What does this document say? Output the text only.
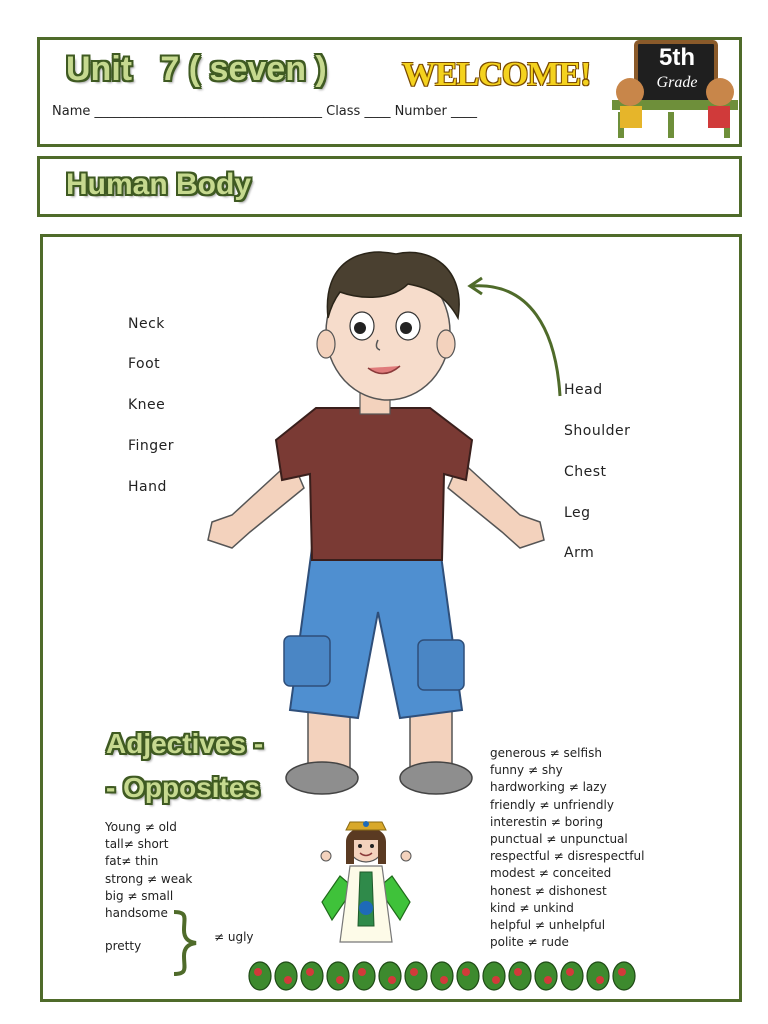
Unit   7 ( seven ) WELCOME!
Name ___________________________________ Class ____ Number ____
5th
Grade
Human Body
Neck
Foot
Knee
Finger
Hand
Head
Shoulder
Chest
Leg
Arm
Adjectives -
- Opposites
Young ≠ old
tall≠ short
fat≠ thin
strong ≠ weak
big ≠ small
handsome
pretty
≠ ugly
generous ≠ selfish
funny ≠ shy
hardworking ≠ lazy
friendly ≠ unfriendly
interestin ≠ boring
punctual ≠ unpunctual
respectful ≠ disrespectful
modest ≠ conceited
honest ≠ dishonest
kind ≠ unkind
helpful ≠ unhelpful
polite ≠ rude
